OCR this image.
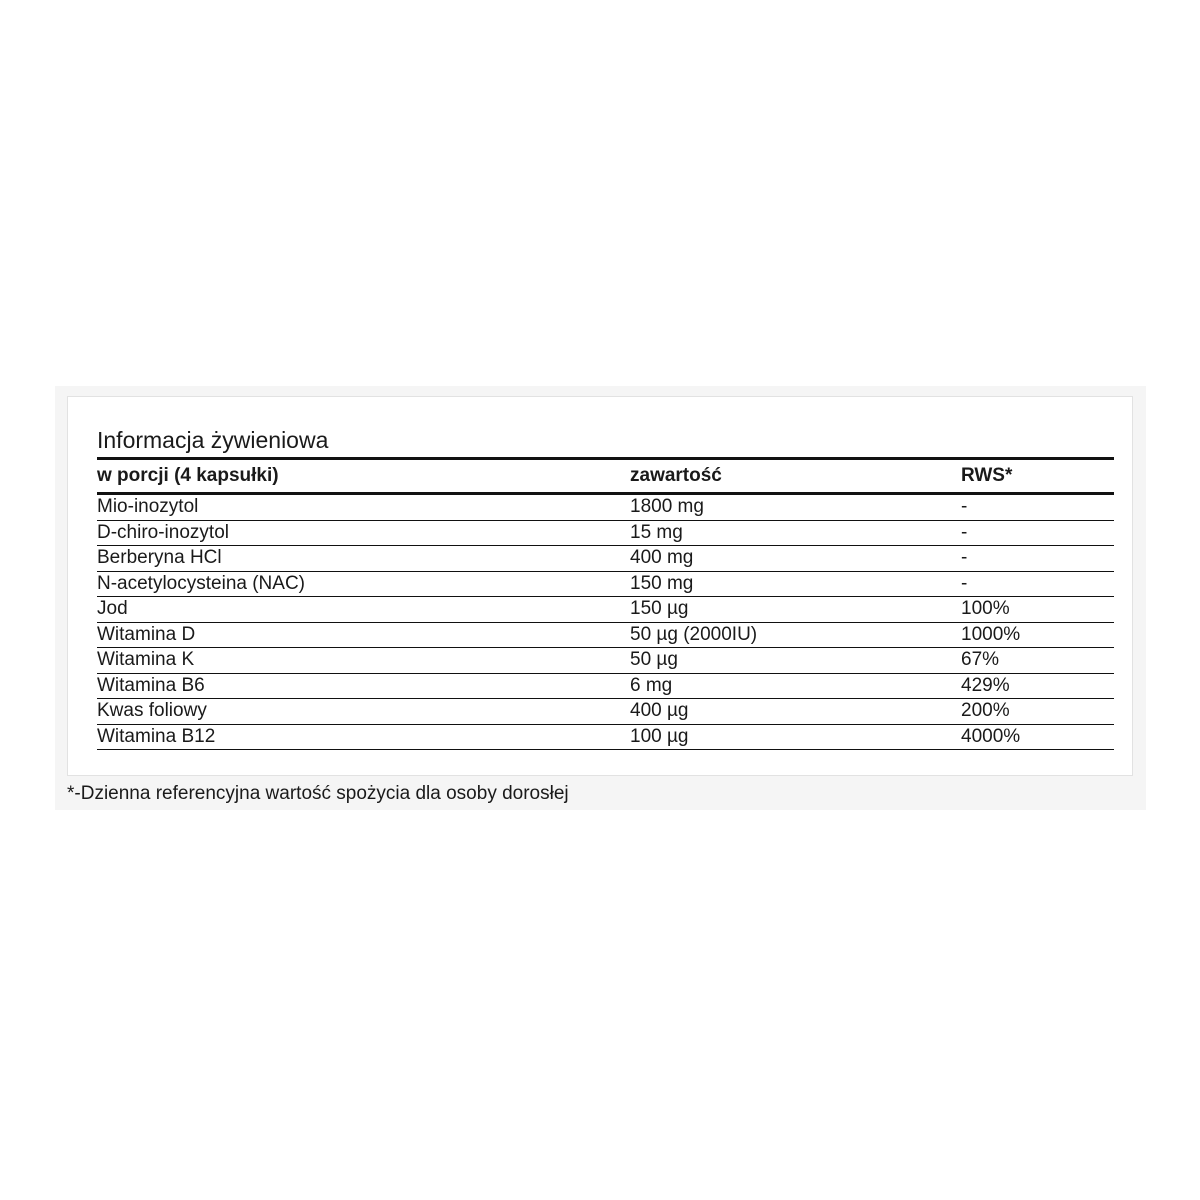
Informacja żywieniowa
w porcji (4 kapsułki)	zawartość	RWS*
Mio-inozytol	1800 mg	-
D-chiro-inozytol	15 mg	-
Berberyna HCl	400 mg	-
N-acetylocysteina (NAC)	150 mg	-
Jod	150 µg	100%
Witamina D	50 µg (2000IU)	1000%
Witamina K	50 µg	67%
Witamina B6	6 mg	429%
Kwas foliowy	400 µg	200%
Witamina B12	100 µg	4000%
*-Dzienna referencyjna wartość spożycia dla osoby dorosłej
